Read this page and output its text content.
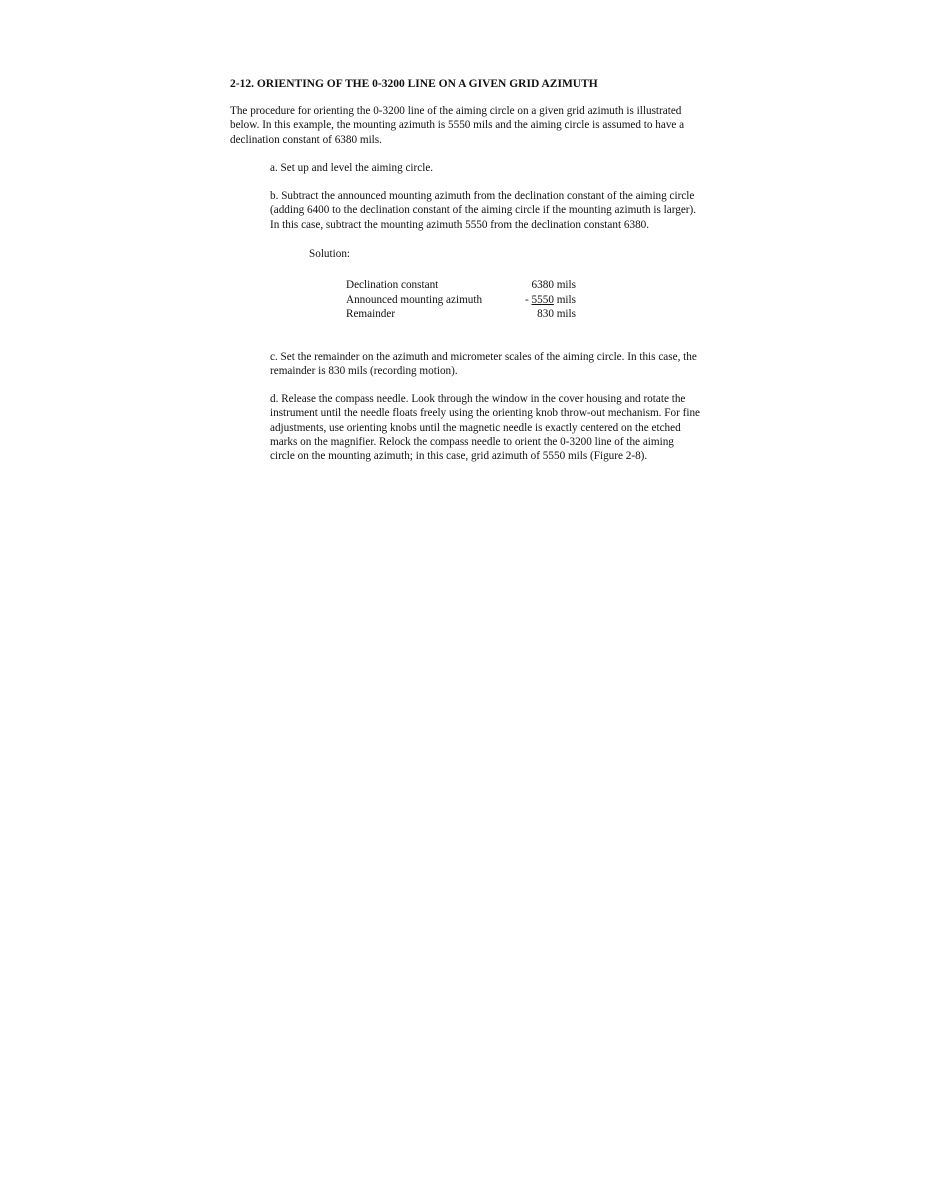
2-12. ORIENTING OF THE 0-3200 LINE ON A GIVEN GRID AZIMUTH

The procedure for orienting the 0-3200 line of the aiming circle on a given grid azimuth is illustrated below. In this example, the mounting azimuth is 5550 mils and the aiming circle is assumed to have a declination constant of 6380 mils.

a. Set up and level the aiming circle.

b. Subtract the announced mounting azimuth from the declination constant of the aiming circle (adding 6400 to the declination constant of the aiming circle if the mounting azimuth is larger). In this case, subtract the mounting azimuth 5550 from the declination constant 6380.

Solution:
Declination constant	6380 mils
Announced mounting azimuth	- 5550 mils
Remainder	830 mils

c. Set the remainder on the azimuth and micrometer scales of the aiming circle. In this case, the remainder is 830 mils (recording motion).

d. Release the compass needle. Look through the window in the cover housing and rotate the instrument until the needle floats freely using the orienting knob throw-out mechanism. For fine adjustments, use orienting knobs until the magnetic needle is exactly centered on the etched marks on the magnifier. Relock the compass needle to orient the 0-3200 line of the aiming circle on the mounting azimuth; in this case, grid azimuth of 5550 mils (Figure 2-8).
